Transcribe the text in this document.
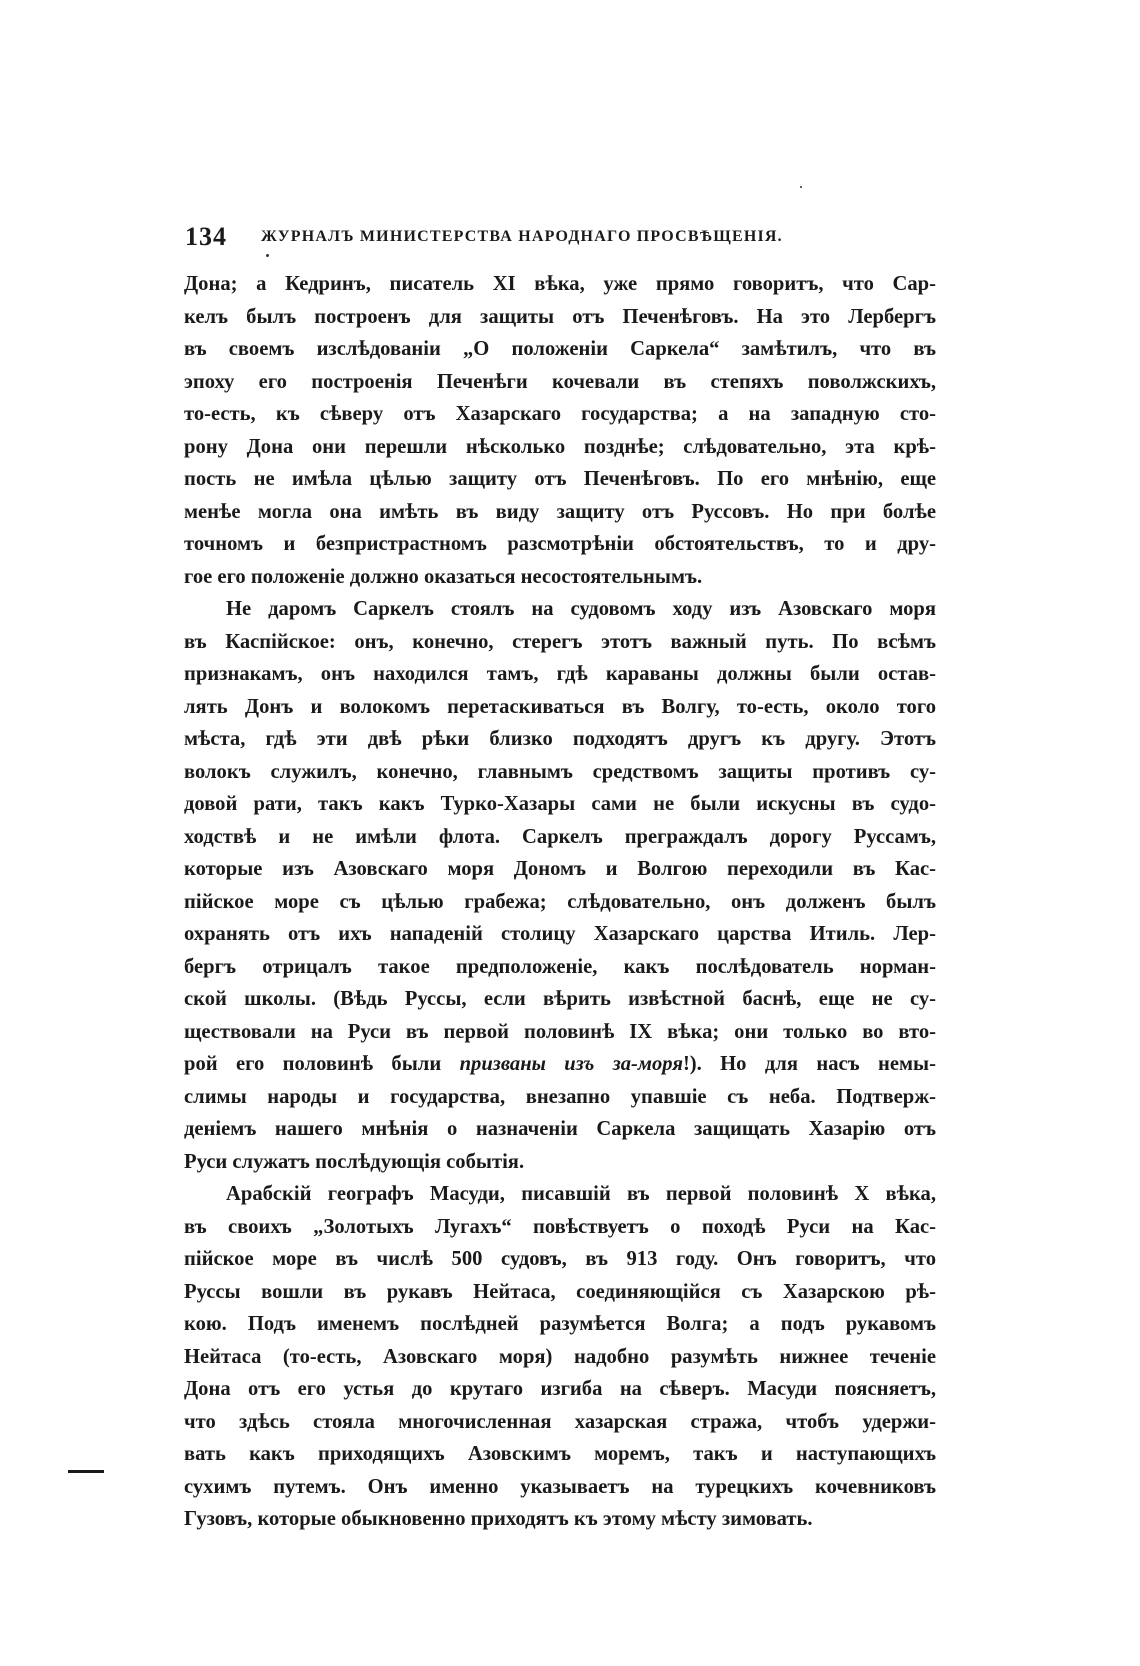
134 ЖУРНАЛЪ МИНИСТЕРСТВА НАРОДНАГО ПРОСВѢЩЕНІЯ.
Дона; а Кедринъ, писатель XI вѣка, уже прямо говоритъ, что Сар-
келъ былъ построенъ для защиты отъ Печенѣговъ. На это Лербергъ
въ своемъ изслѣдованіи „О положеніи Саркела“ замѣтилъ, что въ
эпоху его построенія Печенѣги кочевали въ степяхъ поволжскихъ,
то-есть, къ сѣверу отъ Хазарскаго государства; а на западную сто-
рону Дона они перешли нѣсколько позднѣе; слѣдовательно, эта крѣ-
пость не имѣла цѣлью защиту отъ Печенѣговъ. По его мнѣнію, еще
менѣе могла она имѣть въ виду защиту отъ Руссовъ. Но при болѣе
точномъ и безпристрастномъ разсмотрѣніи обстоятельствъ, то и дру-
гое его положеніе должно оказаться несостоятельнымъ.
Не даромъ Саркелъ стоялъ на судовомъ ходу изъ Азовскаго моря
въ Каспійское: онъ, конечно, стерегъ этотъ важный путь. По всѣмъ
признакамъ, онъ находился тамъ, гдѣ караваны должны были остав-
лять Донъ и волокомъ перетаскиваться въ Волгу, то-есть, около того
мѣста, гдѣ эти двѣ рѣки близко подходятъ другъ къ другу. Этотъ
волокъ служилъ, конечно, главнымъ средствомъ защиты противъ су-
довой рати, такъ какъ Турко-Хазары сами не были искусны въ судо-
ходствѣ и не имѣли флота. Саркелъ преграждалъ дорогу Руссамъ,
которые изъ Азовскаго моря Дономъ и Волгою переходили въ Кас-
пійское море съ цѣлью грабежа; слѣдовательно, онъ долженъ былъ
охранять отъ ихъ нападеній столицу Хазарскаго царства Итиль. Лер-
бергъ отрицалъ такое предположеніе, какъ послѣдователь норман-
ской школы. (Вѣдь Руссы, если вѣрить извѣстной баснѣ, еще не су-
ществовали на Руси въ первой половинѣ IX вѣка; они только во вто-
рой его половинѣ были призваны изъ за-моря!). Но для насъ немы-
слимы народы и государства, внезапно упавшіе съ неба. Подтверж-
деніемъ нашего мнѣнія о назначеніи Саркела защищать Хазарію отъ
Руси служатъ послѣдующія событія.
Арабскій географъ Масуди, писавшій въ первой половинѣ X вѣка,
въ своихъ „Золотыхъ Лугахъ“ повѣствуетъ о походѣ Руси на Кас-
пійское море въ числѣ 500 судовъ, въ 913 году. Онъ говоритъ, что
Руссы вошли въ рукавъ Нейтаса, соединяющійся съ Хазарскою рѣ-
кою. Подъ именемъ послѣдней разумѣется Волга; а подъ рукавомъ
Нейтаса (то-есть, Азовскаго моря) надобно разумѣть нижнее теченіе
Дона отъ его устья до крутаго изгиба на сѣверъ. Масуди поясняетъ,
что здѣсь стояла многочисленная хазарская стража, чтобъ удержи-
вать какъ приходящихъ Азовскимъ моремъ, такъ и наступающихъ
сухимъ путемъ. Онъ именно указываетъ на турецкихъ кочевниковъ
Гузовъ, которые обыкновенно приходятъ къ этому мѣсту зимовать.
